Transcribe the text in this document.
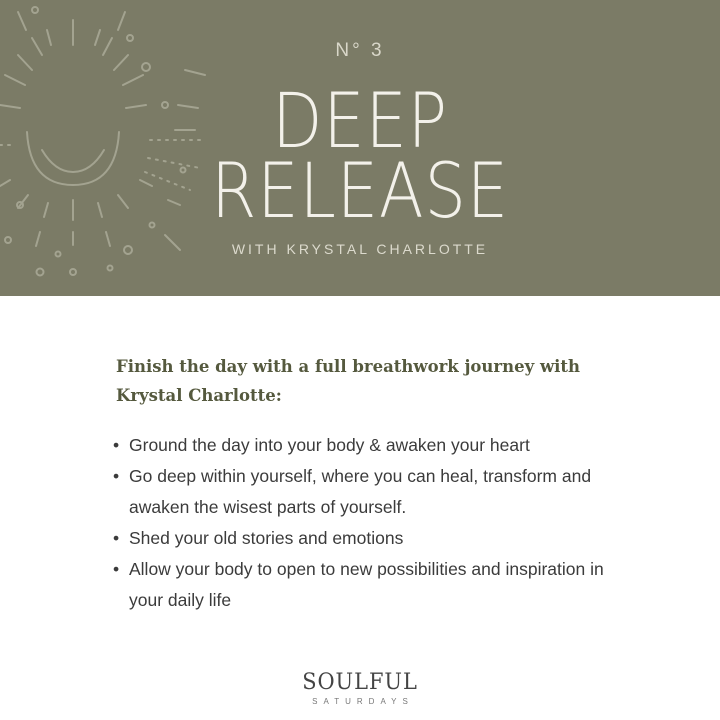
N° 3
DEEP
RELEASE
WITH KRYSTAL CHARLOTTE

Finish the day with a full breathwork journey with Krystal Charlotte:

• Ground the day into your body & awaken your heart
• Go deep within yourself, where you can heal, transform and awaken the wisest parts of yourself.
• Shed your old stories and emotions
• Allow your body to open to new possibilities and inspiration in your daily life
SOULFUL
SATURDAYS
